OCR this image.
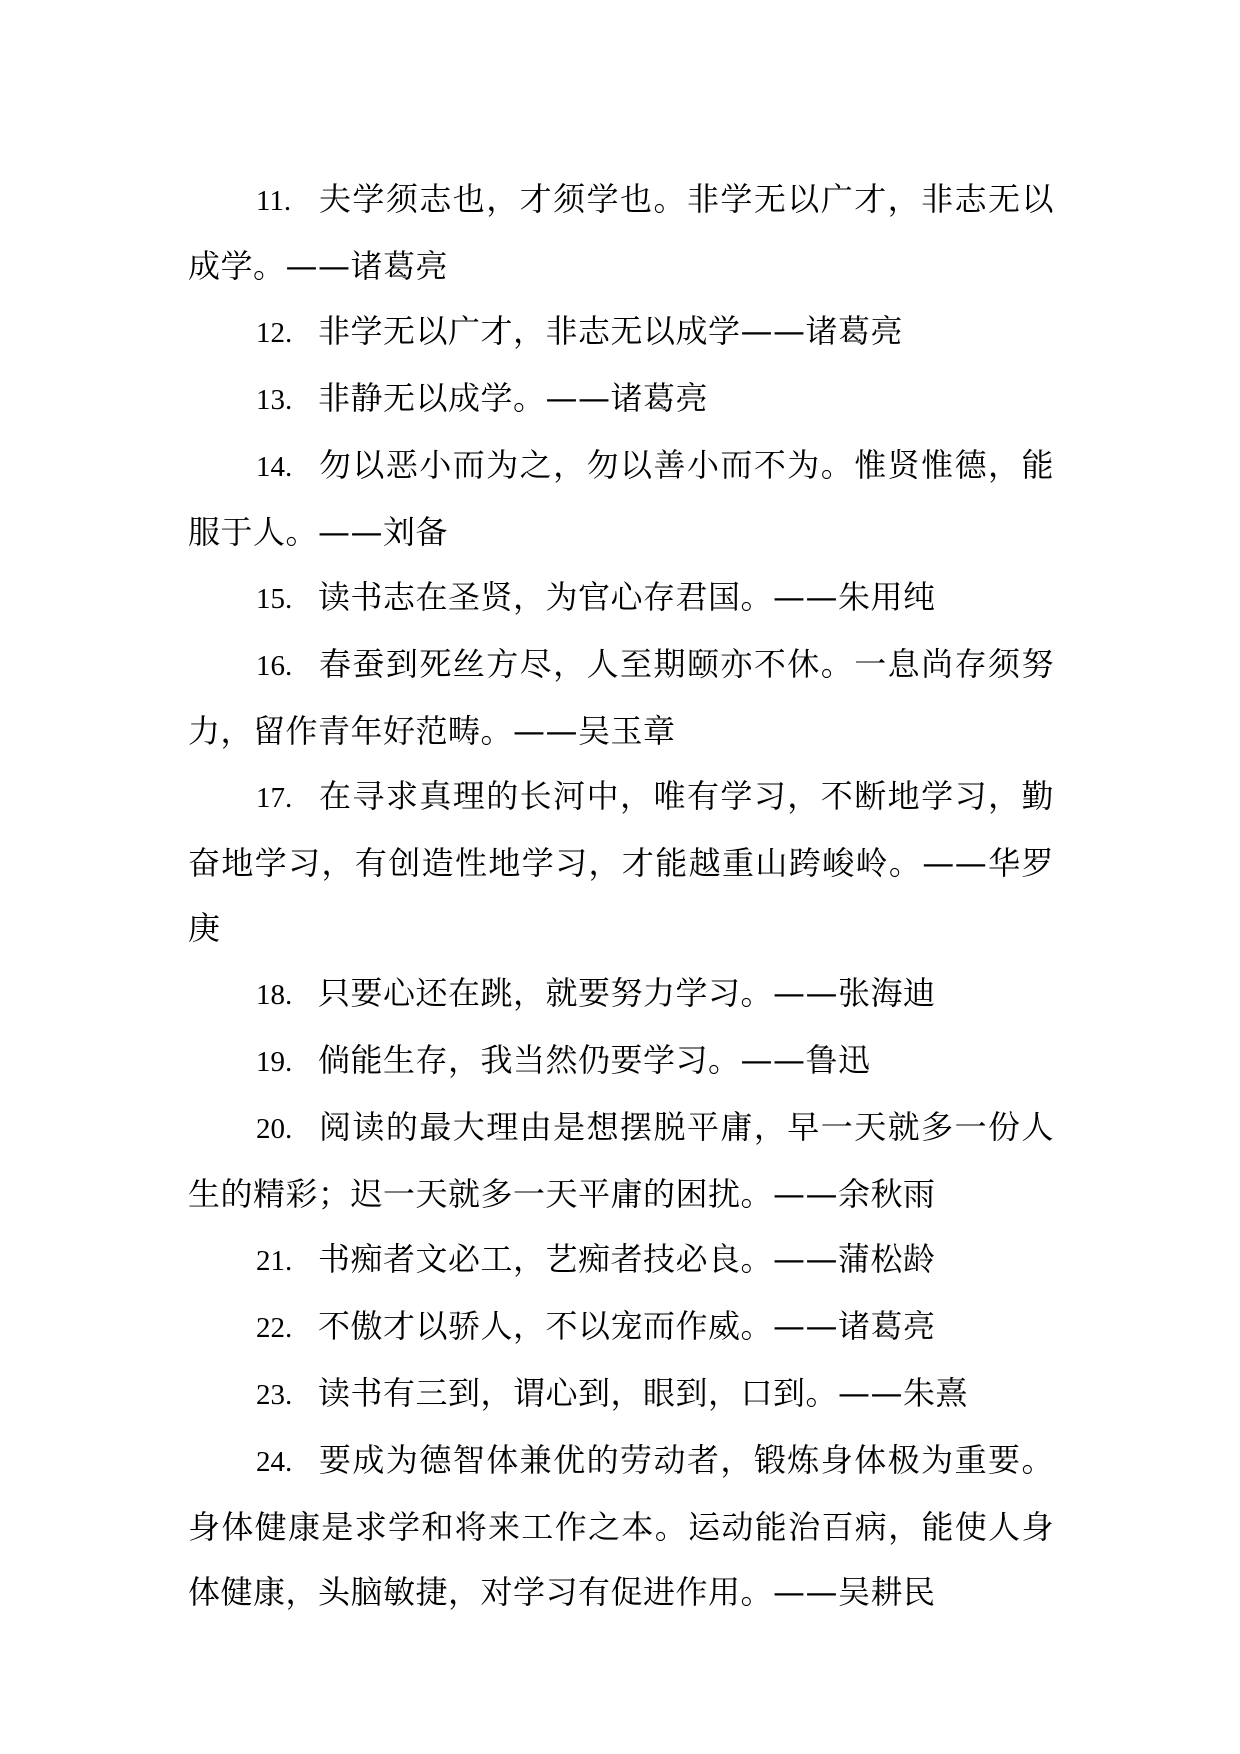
11. 夫学须志也，才须学也。非学无以广才，非志无以成学。——诸葛亮

12. 非学无以广才，非志无以成学——诸葛亮

13. 非静无以成学。——诸葛亮

14. 勿以恶小而为之，勿以善小而不为。惟贤惟德，能服于人。——刘备

15. 读书志在圣贤，为官心存君国。——朱用纯

16. 春蚕到死丝方尽，人至期颐亦不休。一息尚存须努力，留作青年好范畴。——吴玉章

17. 在寻求真理的长河中，唯有学习，不断地学习，勤奋地学习，有创造性地学习，才能越重山跨峻岭。——华罗庚

18. 只要心还在跳，就要努力学习。——张海迪

19. 倘能生存，我当然仍要学习。——鲁迅

20. 阅读的最大理由是想摆脱平庸，早一天就多一份人生的精彩；迟一天就多一天平庸的困扰。——余秋雨

21. 书痴者文必工，艺痴者技必良。——蒲松龄

22. 不傲才以骄人，不以宠而作威。——诸葛亮

23. 读书有三到，谓心到，眼到，口到。——朱熹

24. 要成为德智体兼优的劳动者，锻炼身体极为重要。身体健康是求学和将来工作之本。运动能治百病，能使人身体健康，头脑敏捷，对学习有促进作用。——吴耕民
